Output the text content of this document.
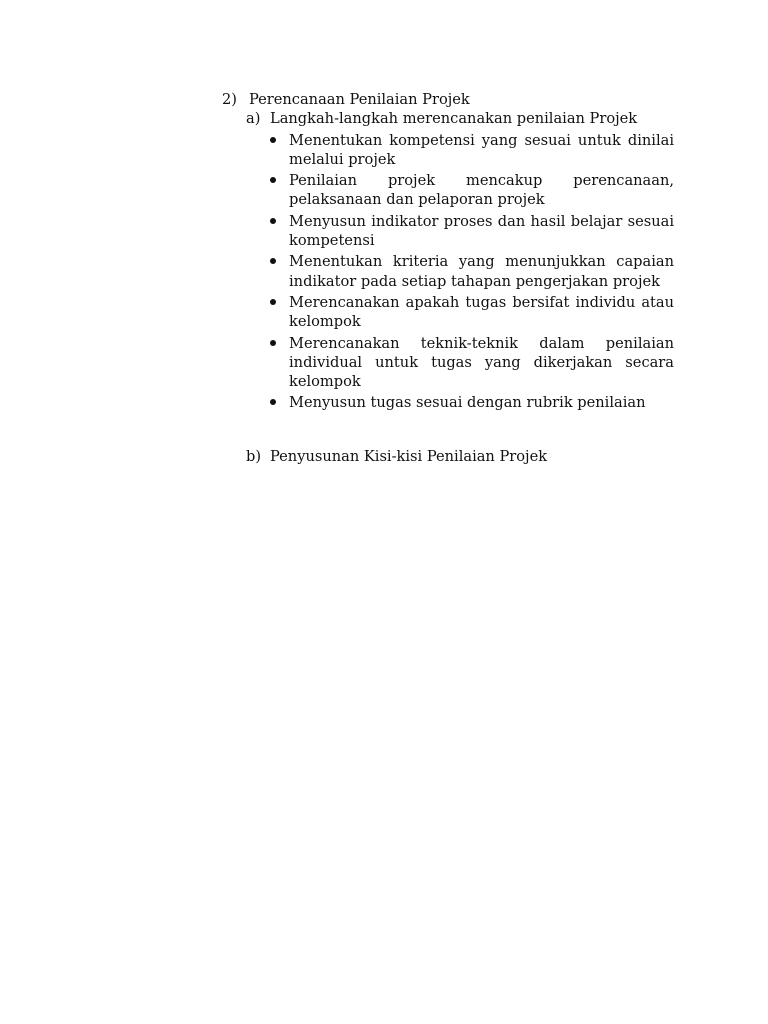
2) Perencanaan Penilaian Projek
a) Langkah-langkah merencanakan penilaian Projek
Menentukan kompetensi yang sesuai untuk dinilai melalui projek
Penilaian projek mencakup perencanaan, pelaksanaan dan pelaporan projek
Menyusun indikator proses dan hasil belajar sesuai kompetensi
Menentukan kriteria yang menunjukkan capaian indikator pada setiap tahapan pengerjakan projek
Merencanakan apakah tugas bersifat individu atau kelompok
Merencanakan teknik-teknik dalam penilaian individual untuk tugas yang dikerjakan secara kelompok
Menyusun tugas sesuai dengan rubrik penilaian
b) Penyusunan Kisi-kisi Penilaian Projek
